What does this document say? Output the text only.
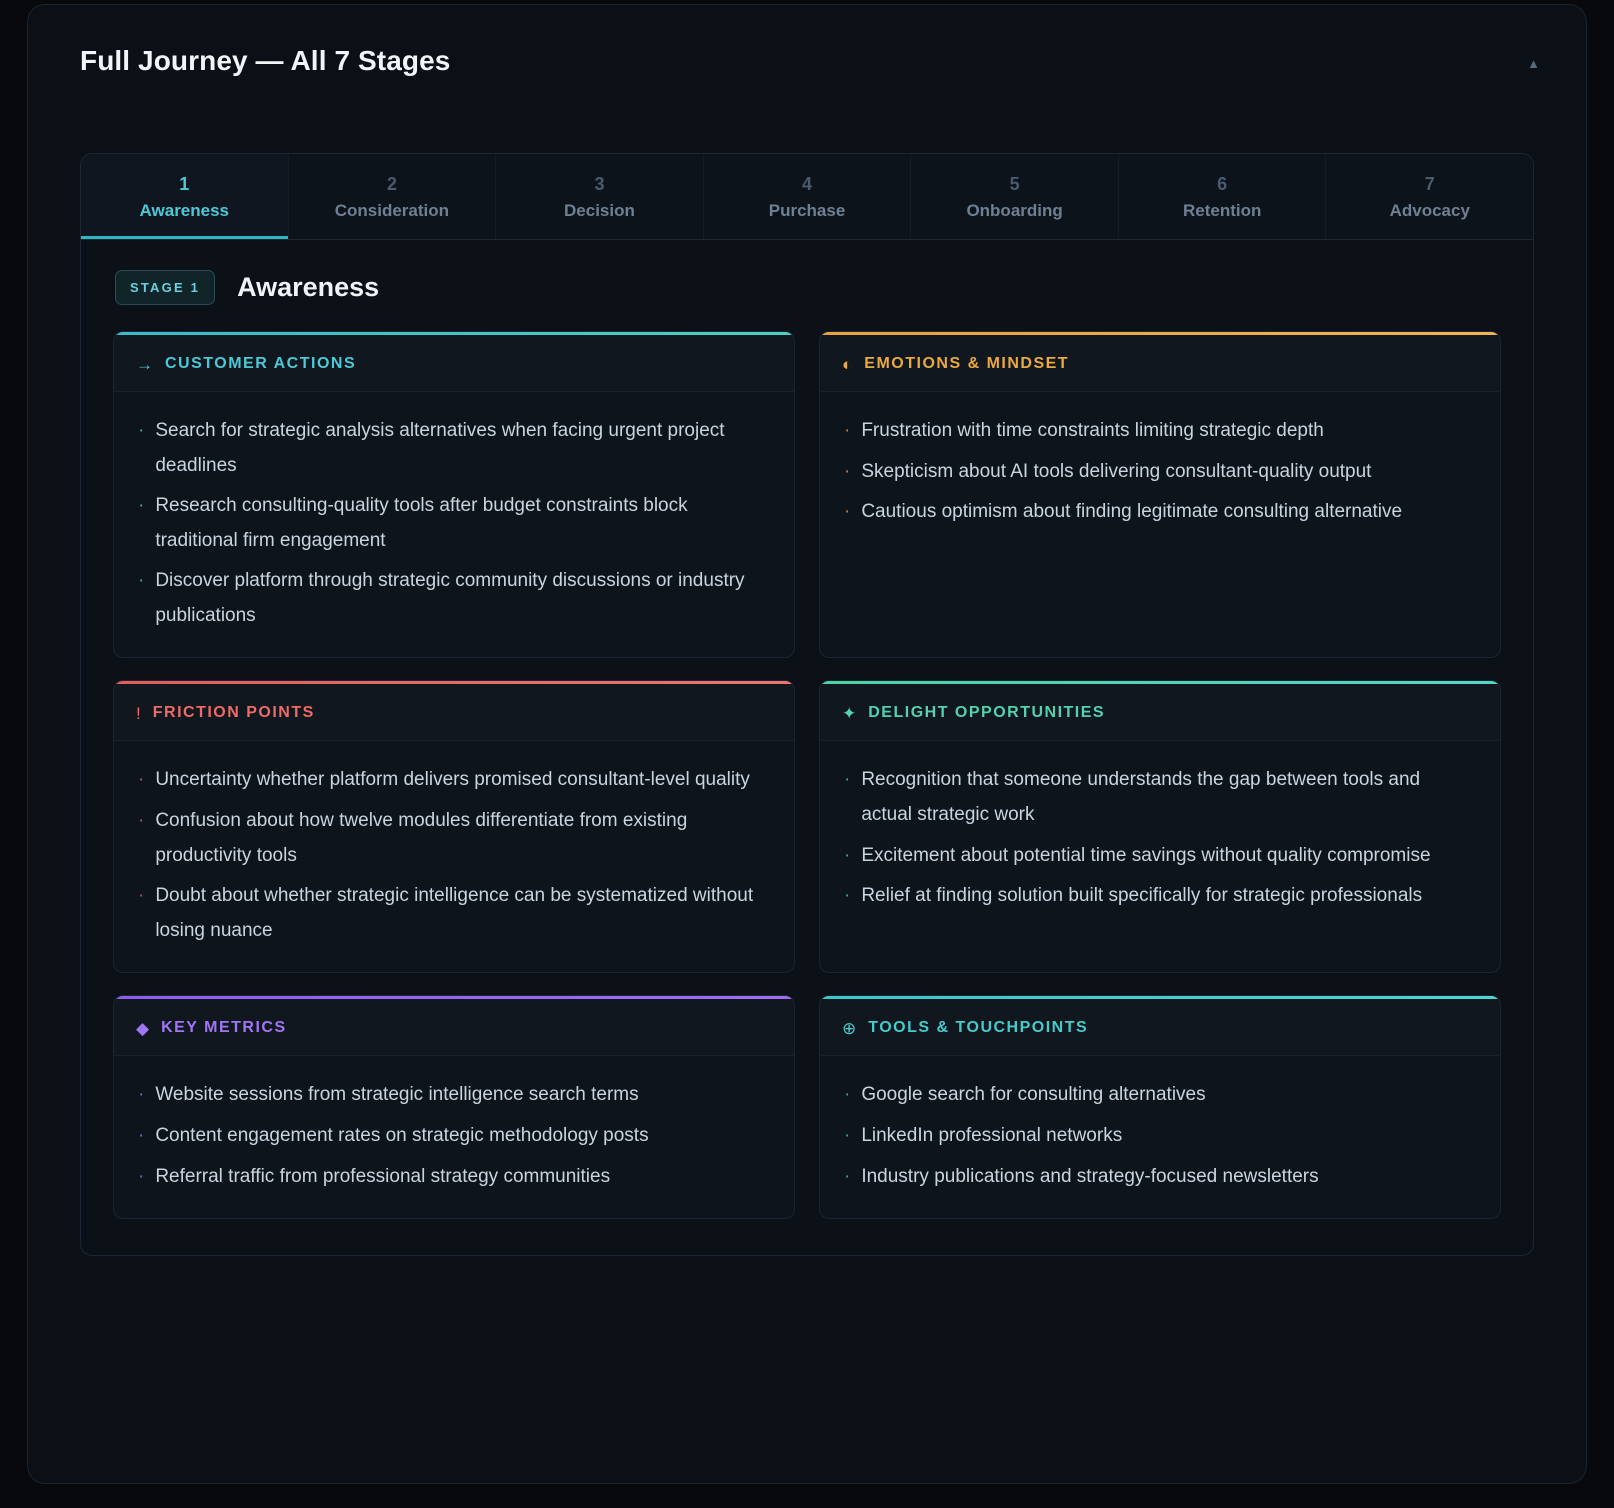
Full Journey — All 7 Stages	▲
1
Awareness
2
Consideration
3
Decision
4
Purchase
5
Onboarding
6
Retention
7
Advocacy
STAGE 1	Awareness
→ CUSTOMER ACTIONS
· Search for strategic analysis alternatives when facing urgent project deadlines
· Research consulting-quality tools after budget constraints block traditional firm engagement
· Discover platform through strategic community discussions or industry publications
◐ EMOTIONS & MINDSET
· Frustration with time constraints limiting strategic depth
· Skepticism about AI tools delivering consultant-quality output
· Cautious optimism about finding legitimate consulting alternative
! FRICTION POINTS
· Uncertainty whether platform delivers promised consultant-level quality
· Confusion about how twelve modules differentiate from existing productivity tools
· Doubt about whether strategic intelligence can be systematized without losing nuance
✦ DELIGHT OPPORTUNITIES
· Recognition that someone understands the gap between tools and actual strategic work
· Excitement about potential time savings without quality compromise
· Relief at finding solution built specifically for strategic professionals
◆ KEY METRICS
· Website sessions from strategic intelligence search terms
· Content engagement rates on strategic methodology posts
· Referral traffic from professional strategy communities
⊕ TOOLS & TOUCHPOINTS
· Google search for consulting alternatives
· LinkedIn professional networks
· Industry publications and strategy-focused newsletters
